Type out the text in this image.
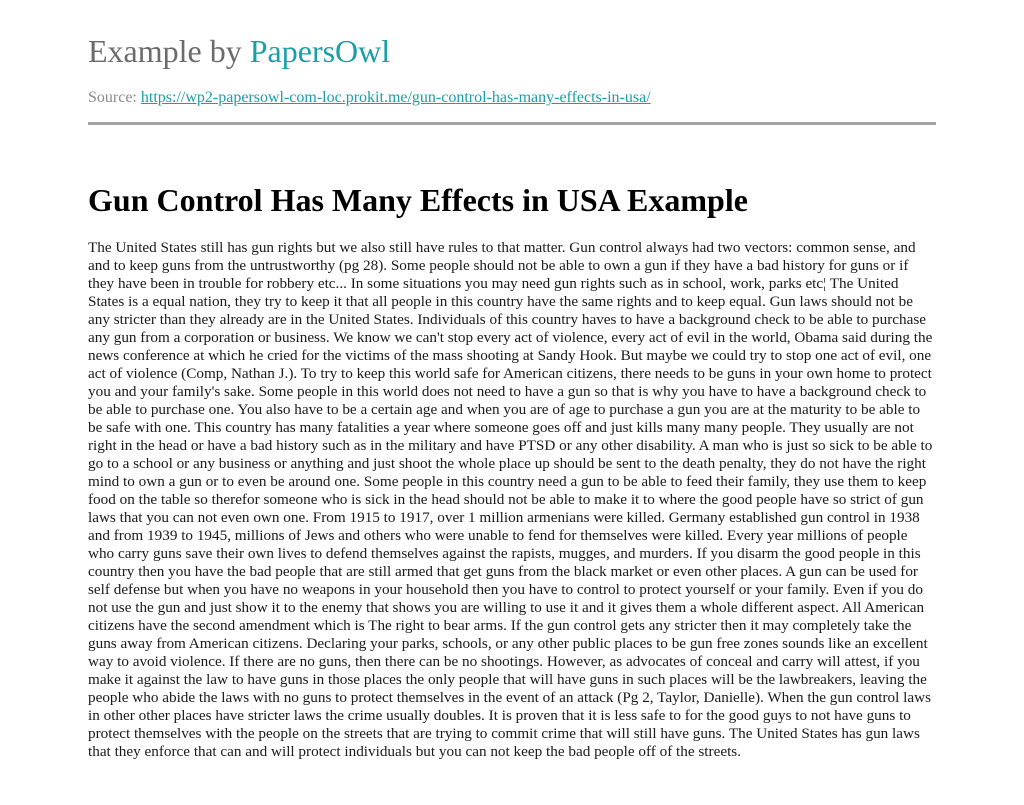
Example by PapersOwl
Source: https://wp2-papersowl-com-loc.prokit.me/gun-control-has-many-effects-in-usa/
Gun Control Has Many Effects in USA Example

The United States still has gun rights but we also still have rules to that matter. Gun control always had two vectors: common sense, and and to keep guns from the untrustworthy (pg 28). Some people should not be able to own a gun if they have a bad history for guns or if they have been in trouble for robbery etc... In some situations you may need gun rights such as in school, work, parks etc¦ The United States is a equal nation, they try to keep it that all people in this country have the same rights and to keep equal. Gun laws should not be any stricter than they already are in the United States. Individuals of this country haves to have a background check to be able to purchase any gun from a corporation or business. We know we can't stop every act of violence, every act of evil in the world, Obama said during the news conference at which he cried for the victims of the mass shooting at Sandy Hook. But maybe we could try to stop one act of evil, one act of violence (Comp, Nathan J.). To try to keep this world safe for American citizens, there needs to be guns in your own home to protect you and your family's sake. Some people in this world does not need to have a gun so that is why you have to have a background check to be able to purchase one. You also have to be a certain age and when you are of age to purchase a gun you are at the maturity to be able to be safe with one. This country has many fatalities a year where someone goes off and just kills many many people. They usually are not right in the head or have a bad history such as in the military and have PTSD or any other disability. A man who is just so sick to be able to go to a school or any business or anything and just shoot the whole place up should be sent to the death penalty, they do not have the right mind to own a gun or to even be around one. Some people in this country need a gun to be able to feed their family, they use them to keep food on the table so therefor someone who is sick in the head should not be able to make it to where the good people have so strict of gun laws that you can not even own one. From 1915 to 1917, over 1 million armenians were killed. Germany established gun control in 1938 and from 1939 to 1945, millions of Jews and others who were unable to fend for themselves were killed. Every year millions of people who carry guns save their own lives to defend themselves against the rapists, mugges, and murders. If you disarm the good people in this country then you have the bad people that are still armed that get guns from the black market or even other places. A gun can be used for self defense but when you have no weapons in your household then you have to control to protect yourself or your family. Even if you do not use the gun and just show it to the enemy that shows you are willing to use it and it gives them a whole different aspect. All American citizens have the second amendment which is The right to bear arms. If the gun control gets any stricter then it may completely take the guns away from American citizens. Declaring your parks, schools, or any other public places to be gun free zones sounds like an excellent way to avoid violence. If there are no guns, then there can be no shootings. However, as advocates of conceal and carry will attest, if you make it against the law to have guns in those places the only people that will have guns in such places will be the lawbreakers, leaving the people who abide the laws with no guns to protect themselves in the event of an attack (Pg 2, Taylor, Danielle). When the gun control laws in other other places have stricter laws the crime usually doubles. It is proven that it is less safe to for the good guys to not have guns to protect themselves with the people on the streets that are trying to commit crime that will still have guns. The United States has gun laws that they enforce that can and will protect individuals but you can not keep the bad people off of the streets.
